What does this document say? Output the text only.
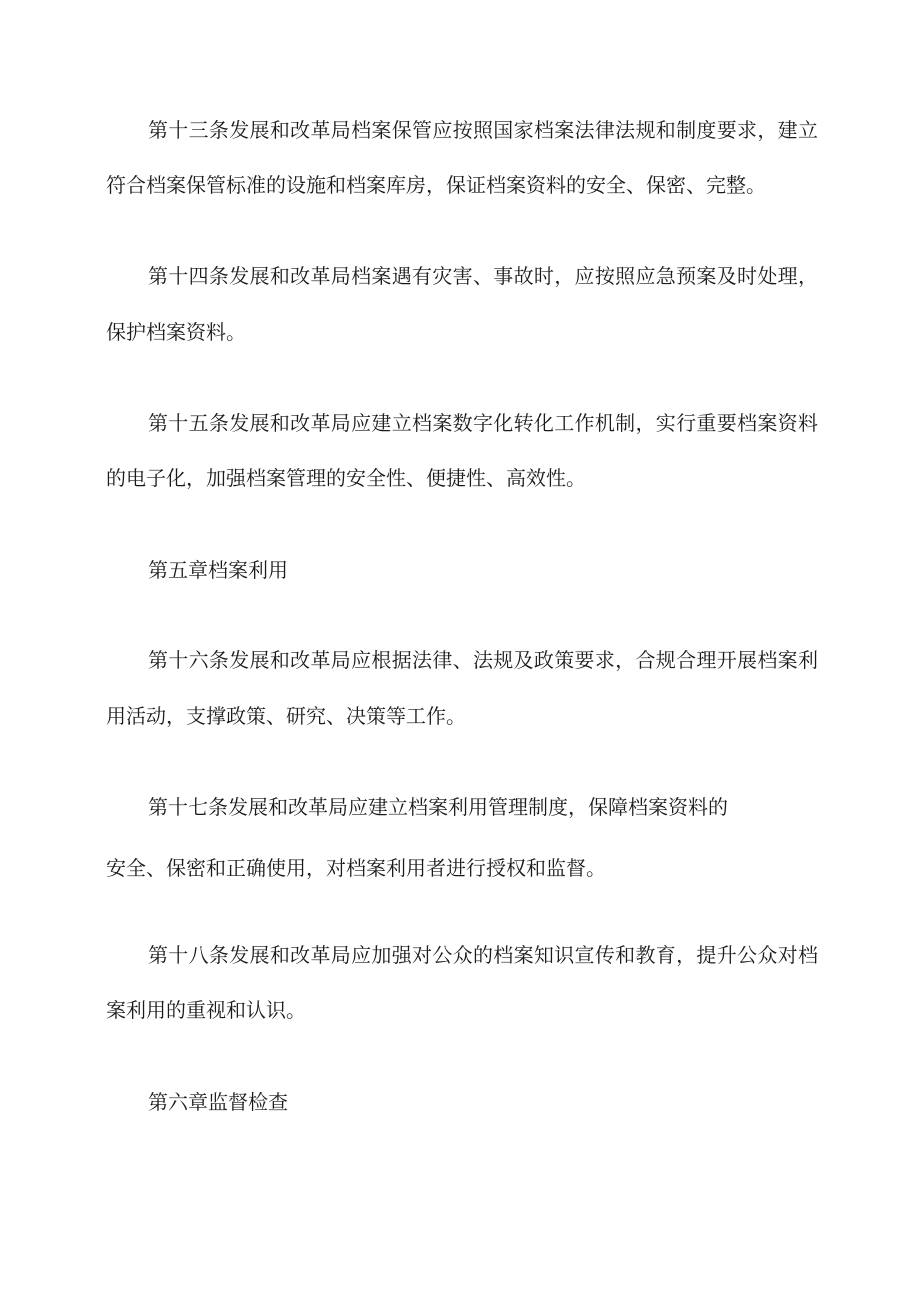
第十三条发展和改革局档案保管应按照国家档案法律法规和制度要求，建立

符合档案保管标准的设施和档案库房，保证档案资料的安全、保密、完整。

第十四条发展和改革局档案遇有灾害、事故时，应按照应急预案及时处理，

保护档案资料。

第十五条发展和改革局应建立档案数字化转化工作机制，实行重要档案资料

的电子化，加强档案管理的安全性、便捷性、高效性。

第五章档案利用

第十六条发展和改革局应根据法律、法规及政策要求，合规合理开展档案利

用活动，支撑政策、研究、决策等工作。

第十七条发展和改革局应建立档案利用管理制度，保障档案资料的

安全、保密和正确使用，对档案利用者进行授权和监督。

第十八条发展和改革局应加强对公众的档案知识宣传和教育，提升公众对档

案利用的重视和认识。

第六章监督检查
